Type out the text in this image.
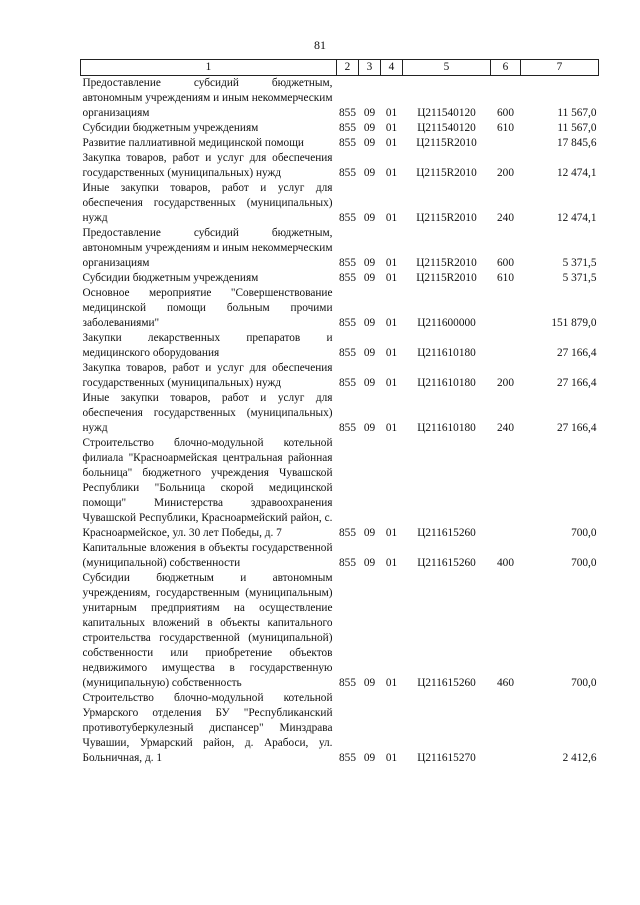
81
1	2	3	4	5	6	7
Предоставление субсидий бюджетным, автономным учреждениям и иным некоммерческим организациям	855	09	01	Ц211540120	600	11 567,0
Субсидии бюджетным учреждениям	855	09	01	Ц211540120	610	11 567,0
Развитие паллиативной медицинской помощи	855	09	01	Ц2115R2010		17 845,6
Закупка товаров, работ и услуг для обеспечения государственных (муниципальных) нужд	855	09	01	Ц2115R2010	200	12 474,1
Иные закупки товаров, работ и услуг для обеспечения государственных (муниципальных) нужд	855	09	01	Ц2115R2010	240	12 474,1
Предоставление субсидий бюджетным, автономным учреждениям и иным некоммерческим организациям	855	09	01	Ц2115R2010	600	5 371,5
Субсидии бюджетным учреждениям	855	09	01	Ц2115R2010	610	5 371,5
Основное мероприятие "Совершенствование медицинской помощи больным прочими заболеваниями"	855	09	01	Ц211600000		151 879,0
Закупки лекарственных препаратов и медицинского оборудования	855	09	01	Ц211610180		27 166,4
Закупка товаров, работ и услуг для обеспечения государственных (муниципальных) нужд	855	09	01	Ц211610180	200	27 166,4
Иные закупки товаров, работ и услуг для обеспечения государственных (муниципальных) нужд	855	09	01	Ц211610180	240	27 166,4
Строительство блочно-модульной котельной филиала "Красноармейская центральная районная больница" бюджетного учреждения Чувашской Республики "Больница скорой медицинской помощи" Министерства здравоохранения Чувашской Республики, Красноармейский район, с. Красноармейское, ул. 30 лет Победы, д. 7	855	09	01	Ц211615260		700,0
Капитальные вложения в объекты государственной (муниципальной) собственности	855	09	01	Ц211615260	400	700,0
Субсидии бюджетным и автономным учреждениям, государственным (муниципальным) унитарным предприятиям на осуществление капитальных вложений в объекты капитального строительства государственной (муниципальной) собственности или приобретение объектов недвижимого имущества в государственную (муниципальную) собственность	855	09	01	Ц211615260	460	700,0
Строительство блочно-модульной котельной Урмарского отделения БУ "Республиканский противотуберкулезный диспансер" Минздрава Чувашии, Урмарский район, д. Арабоси, ул. Больничная, д. 1	855	09	01	Ц211615270		2 412,6
